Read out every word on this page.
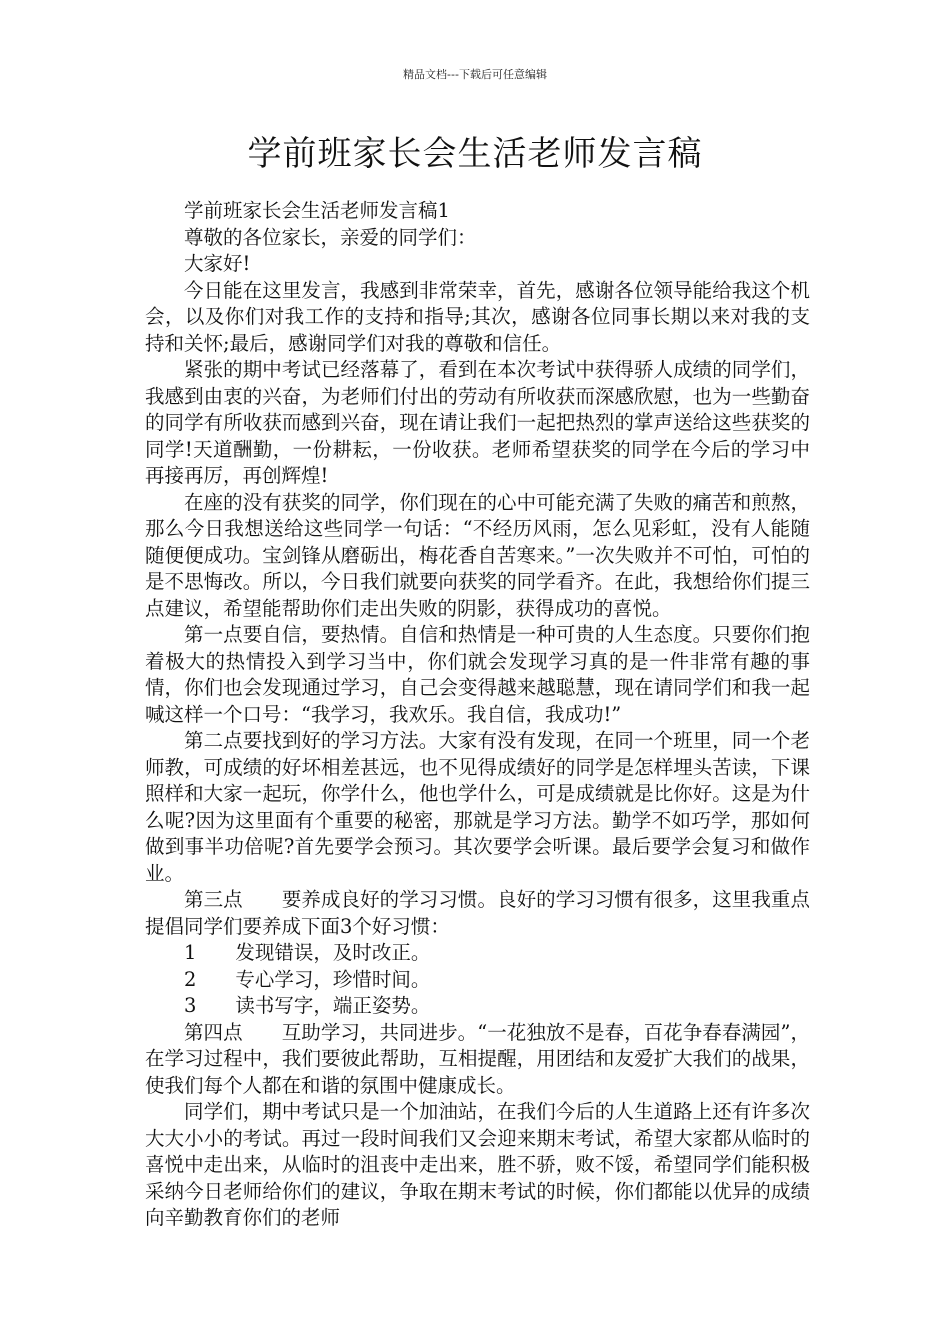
精品文档---下载后可任意编辑
学前班家长会生活老师发言稿

学前班家长会生活老师发言稿1

尊敬的各位家长，亲爱的同学们：

大家好!

今日能在这里发言，我感到非常荣幸，首先，感谢各位领导能给我这个机会，以及你们对我工作的支持和指导;其次，感谢各位同事长期以来对我的支持和关怀;最后，感谢同学们对我的尊敬和信任。

紧张的期中考试已经落幕了，看到在本次考试中获得骄人成绩的同学们，我感到由衷的兴奋，为老师们付出的劳动有所收获而深感欣慰，也为一些勤奋的同学有所收获而感到兴奋，现在请让我们一起把热烈的掌声送给这些获奖的同学!天道酬勤，一份耕耘，一份收获。老师希望获奖的同学在今后的学习中再接再厉，再创辉煌!

在座的没有获奖的同学，你们现在的心中可能充满了失败的痛苦和煎熬，那么今日我想送给这些同学一句话：“不经历风雨，怎么见彩虹，没有人能随随便便成功。宝剑锋从磨砺出，梅花香自苦寒来。”一次失败并不可怕，可怕的是不思悔改。所以，今日我们就要向获奖的同学看齐。在此，我想给你们提三点建议，希望能帮助你们走出失败的阴影，获得成功的喜悦。

第一点要自信，要热情。自信和热情是一种可贵的人生态度。只要你们抱着极大的热情投入到学习当中，你们就会发现学习真的是一件非常有趣的事情，你们也会发现通过学习，自己会变得越来越聪慧，现在请同学们和我一起喊这样一个口号：“我学习，我欢乐。我自信，我成功!”

第二点要找到好的学习方法。大家有没有发现，在同一个班里，同一个老师教，可成绩的好坏相差甚远，也不见得成绩好的同学是怎样埋头苦读，下课照样和大家一起玩，你学什么，他也学什么，可是成绩就是比你好。这是为什么呢?因为这里面有个重要的秘密，那就是学习方法。勤学不如巧学，那如何做到事半功倍呢?首先要学会预习。其次要学会听课。最后要学会复习和做作业。

第三点　　要养成良好的学习习惯。良好的学习习惯有很多，这里我重点提倡同学们要养成下面3个好习惯：

1　　发现错误，及时改正。

2　　专心学习，珍惜时间。

3　　读书写字，端正姿势。

第四点　　互助学习，共同进步。“一花独放不是春，百花争春春满园”，在学习过程中，我们要彼此帮助，互相提醒，用团结和友爱扩大我们的战果，使我们每个人都在和谐的氛围中健康成长。

同学们，期中考试只是一个加油站，在我们今后的人生道路上还有许多次大大小小的考试。再过一段时间我们又会迎来期末考试，希望大家都从临时的喜悦中走出来，从临时的沮丧中走出来，胜不骄，败不馁，希望同学们能积极采纳今日老师给你们的建议，争取在期末考试的时候，你们都能以优异的成绩向辛勤教育你们的老师
